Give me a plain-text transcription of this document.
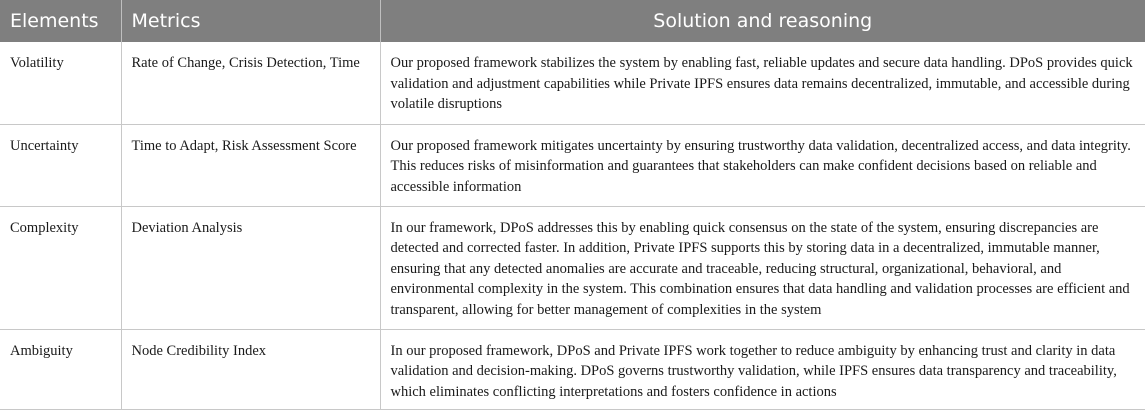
Elements	Metrics	Solution and reasoning
Volatility	Rate of Change, Crisis Detection, Time	Our proposed framework stabilizes the system by enabling fast, reliable updates and secure data handling. DPoS provides quick validation and adjustment capabilities while Private IPFS ensures data remains decentralized, immutable, and accessible during volatile disruptions
Uncertainty	Time to Adapt, Risk Assessment Score	Our proposed framework mitigates uncertainty by ensuring trustworthy data validation, decentralized access, and data integrity. This reduces risks of misinformation and guarantees that stakeholders can make confident decisions based on reliable and accessible information
Complexity	Deviation Analysis	In our framework, DPoS addresses this by enabling quick consensus on the state of the system, ensuring discrepancies are detected and corrected faster. In addition, Private IPFS supports this by storing data in a decentralized, immutable manner, ensuring that any detected anomalies are accurate and traceable, reducing structural, organizational, behavioral, and environmental complexity in the system. This combination ensures that data handling and validation processes are efficient and transparent, allowing for better management of complexities in the system
Ambiguity	Node Credibility Index	In our proposed framework, DPoS and Private IPFS work together to reduce ambiguity by enhancing trust and clarity in data validation and decision-making. DPoS governs trustworthy validation, while IPFS ensures data transparency and traceability, which eliminates conflicting interpretations and fosters confidence in actions
